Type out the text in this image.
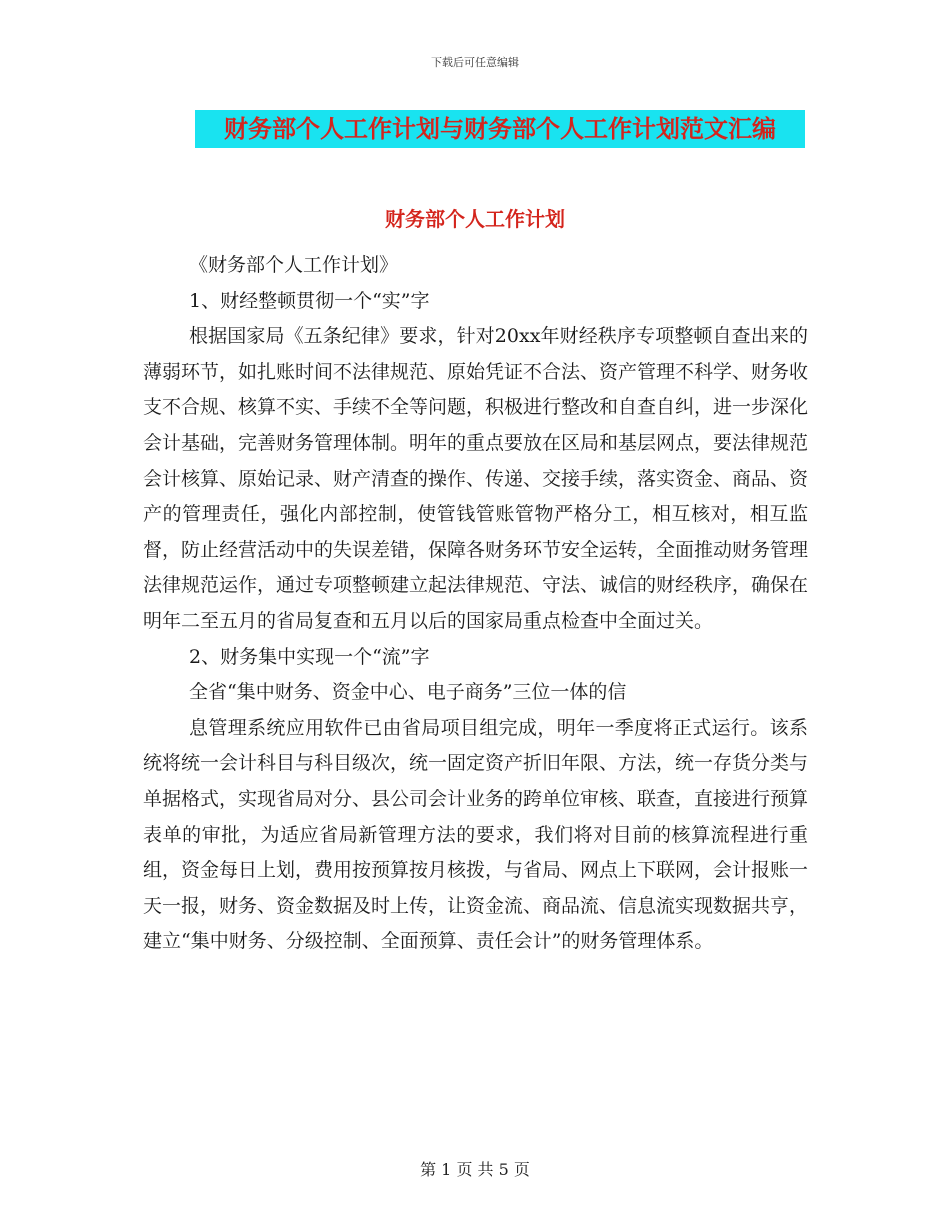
下载后可任意编辑
财务部个人工作计划与财务部个人工作计划范文汇编
财务部个人工作计划

《财务部个人工作计划》

1、财经整顿贯彻一个“实”字

根据国家局《五条纪律》要求，针对20xx年财经秩序专项整顿自查出来的薄弱环节，如扎账时间不法律规范、原始凭证不合法、资产管理不科学、财务收支不合规、核算不实、手续不全等问题，积极进行整改和自查自纠，进一步深化会计基础，完善财务管理体制。明年的重点要放在区局和基层网点，要法律规范会计核算、原始记录、财产清查的操作、传递、交接手续，落实资金、商品、资产的管理责任，强化内部控制，使管钱管账管物严格分工，相互核对，相互监督，防止经营活动中的失误差错，保障各财务环节安全运转，全面推动财务管理法律规范运作，通过专项整顿建立起法律规范、守法、诚信的财经秩序，确保在明年二至五月的省局复查和五月以后的国家局重点检查中全面过关。

2、财务集中实现一个“流”字

全省“集中财务、资金中心、电子商务”三位一体的信

息管理系统应用软件已由省局项目组完成，明年一季度将正式运行。该系统将统一会计科目与科目级次，统一固定资产折旧年限、方法，统一存货分类与单据格式，实现省局对分、县公司会计业务的跨单位审核、联查，直接进行预算表单的审批，为适应省局新管理方法的要求，我们将对目前的核算流程进行重组，资金每日上划，费用按预算按月核拨，与省局、网点上下联网，会计报账一天一报，财务、资金数据及时上传，让资金流、商品流、信息流实现数据共亨，建立“集中财务、分级控制、全面预算、责任会计”的财务管理体系。

第 1 页 共 5 页
